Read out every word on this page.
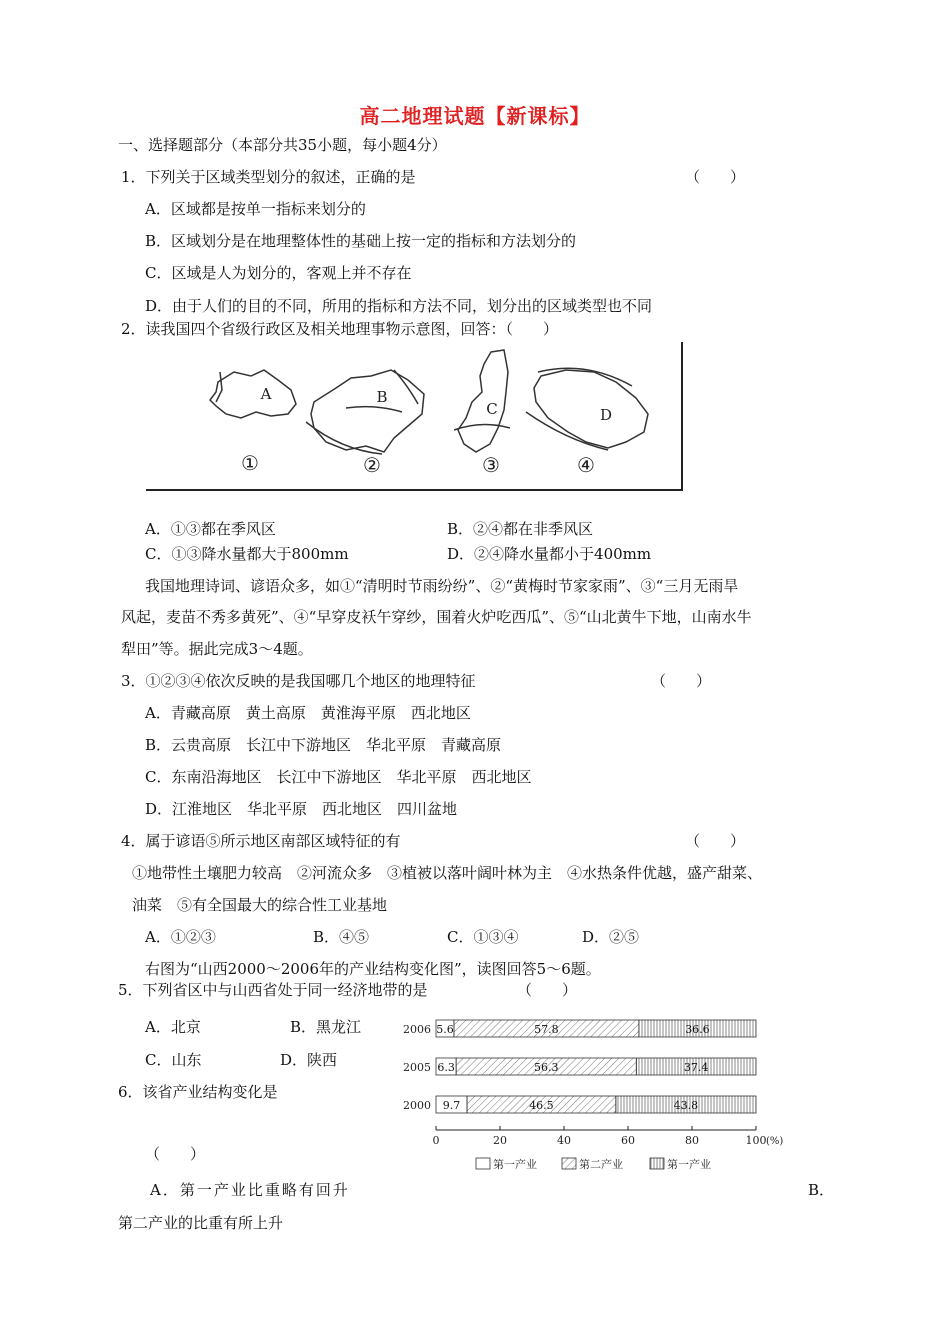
高二地理试题【新课标】
一、选择题部分（本部分共35小题，每小题4分）
1．下列关于区域类型划分的叙述，正确的是	（　　）
A．区域都是按单一指标来划分的
B．区域划分是在地理整体性的基础上按一定的指标和方法划分的
C．区域是人为划分的，客观上并不存在
D．由于人们的目的不同，所用的指标和方法不同，划分出的区域类型也不同
2．读我国四个省级行政区及相关地理事物示意图，回答：（　　）
A	B
C	D
①	②	③	④
A．①③都在季风区	B．②④都在非季风区
C．①③降水量都大于800mm	D．②④降水量都小于400mm
我国地理诗词、谚语众多，如①“清明时节雨纷纷”、②“黄梅时节家家雨”、③“三月无雨旱
风起，麦苗不秀多黄死”、④“早穿皮袄午穿纱，围着火炉吃西瓜”、⑤“山北黄牛下地，山南水牛
犁田”等。据此完成3～4题。
3．①②③④依次反映的是我国哪几个地区的地理特征	（　　）
A．青藏高原　黄土高原　黄淮海平原　西北地区
B．云贵高原　长江中下游地区　华北平原　青藏高原
C．东南沿海地区　长江中下游地区　华北平原　西北地区
D．江淮地区　华北平原　西北地区　四川盆地
4．属于谚语⑤所示地区南部区域特征的有	（　　）
①地带性土壤肥力较高　②河流众多　③植被以落叶阔叶林为主　④水热条件优越，盛产甜菜、
油菜　⑤有全国最大的综合性工业基地
A．①②③	B．④⑤	C．①③④	D．②⑤
右图为“山西2000～2006年的产业结构变化图”，读图回答5～6题。
5．下列省区中与山西省处于同一经济地带的是	（　　）
A．北京	B．黑龙江
C．山东	D．陕西
6．该省产业结构变化是
（　　）
A．第一产业比重略有回升	B．
第二产业的比重有所上升
2006 5.6	57.8	36.6
2005 6.3	56.3	37.4
2000 9.7	46.5	43.8
0	20	40	60	80	100 (%)
第一产业	第二产业	第一产业
